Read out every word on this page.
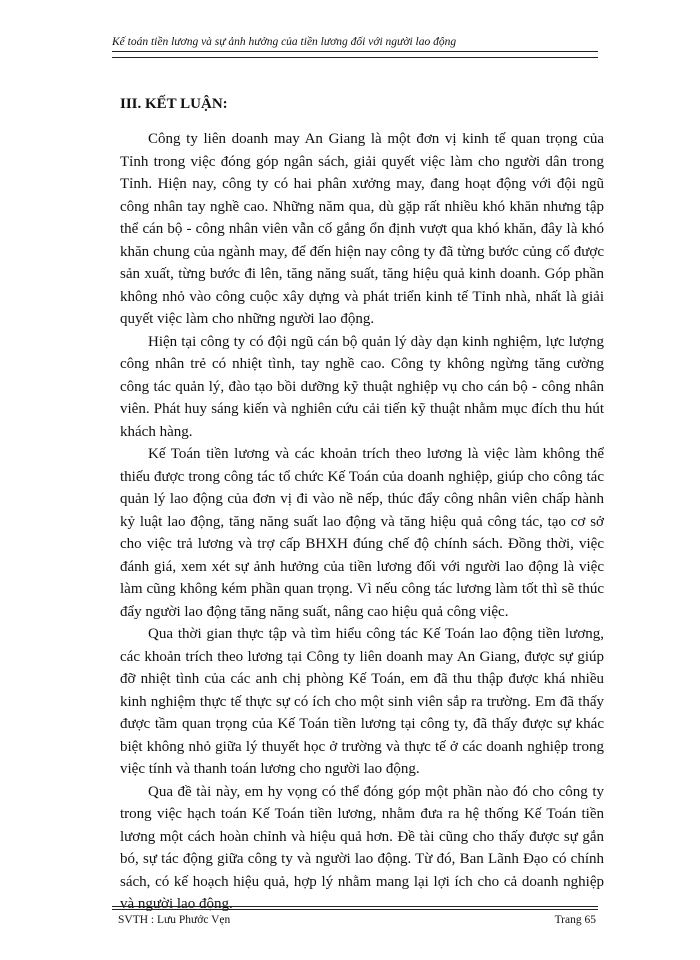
Kế toán tiền lương và sự ảnh hưởng của tiền lương đối với người lao động
III. KẾT LUẬN:

Công ty liên doanh may An Giang là một đơn vị kinh tế quan trọng của Tỉnh trong việc đóng góp ngân sách, giải quyết việc làm cho người dân trong Tỉnh. Hiện nay, công ty có hai phân xưởng may, đang hoạt động với đội ngũ công nhân tay nghề cao. Những năm qua, dù gặp rất nhiều khó khăn nhưng tập thể cán bộ - công nhân viên vẫn cố gắng ổn định vượt qua khó khăn, đây là khó khăn chung của ngành may, để đến hiện nay công ty đã từng bước củng cố được sản xuất, từng bước đi lên, tăng năng suất, tăng hiệu quả kinh doanh. Góp phần không nhỏ vào công cuộc xây dựng và phát triển kinh tế Tỉnh nhà, nhất là giải quyết việc làm cho những người lao động.

Hiện tại công ty có đội ngũ cán bộ quản lý dày dạn kinh nghiệm, lực lượng công nhân trẻ có nhiệt tình, tay nghề cao. Công ty không ngừng tăng cường công tác quản lý, đào tạo bồi dưỡng kỹ thuật nghiệp vụ cho cán bộ - công nhân viên. Phát huy sáng kiến và nghiên cứu cải tiến kỹ thuật nhằm mục đích thu hút khách hàng.

Kế Toán tiền lương và các khoản trích theo lương là việc làm không thể thiếu được trong công tác tổ chức Kế Toán của doanh nghiệp, giúp cho công tác quản lý lao động của đơn vị đi vào nề nếp, thúc đẩy công nhân viên chấp hành kỷ luật lao động, tăng năng suất lao động và tăng hiệu quả công tác, tạo cơ sở cho việc trả lương và trợ cấp BHXH đúng chế độ chính sách. Đồng thời, việc đánh giá, xem xét sự ảnh hưởng của tiền lương đối với người lao động là việc làm cũng không kém phần quan trọng. Vì nếu công tác lương làm tốt thì sẽ thúc đẩy người lao động tăng năng suất, nâng cao hiệu quả công việc.

Qua thời gian thực tập và tìm hiểu công tác Kế Toán lao động tiền lương, các khoản trích theo lương tại Công ty liên doanh may An Giang, được sự giúp đỡ nhiệt tình của các anh chị phòng Kế Toán, em đã thu thập được khá nhiều kinh nghiệm thực tế thực sự có ích cho một sinh viên sắp ra trường. Em đã thấy được tầm quan trọng của Kế Toán tiền lương tại công ty, đã thấy được sự khác biệt không nhỏ giữa lý thuyết học ở trường và thực tế ở các doanh nghiệp trong việc tính và thanh toán lương cho người lao động.

Qua đề tài này, em hy vọng có thể đóng góp một phần nào đó cho công ty trong việc hạch toán Kế Toán tiền lương, nhằm đưa ra hệ thống Kế Toán tiền lương một cách hoàn chỉnh và hiệu quả hơn. Đề tài cũng cho thấy được sự gắn bó, sự tác động giữa công ty và người lao động. Từ đó, Ban Lãnh Đạo có chính sách, có kế hoạch hiệu quả, hợp lý nhằm mang lại lợi ích cho cả doanh nghiệp và người lao động.

SVTH : Lưu Phước Vẹn	Trang 65
